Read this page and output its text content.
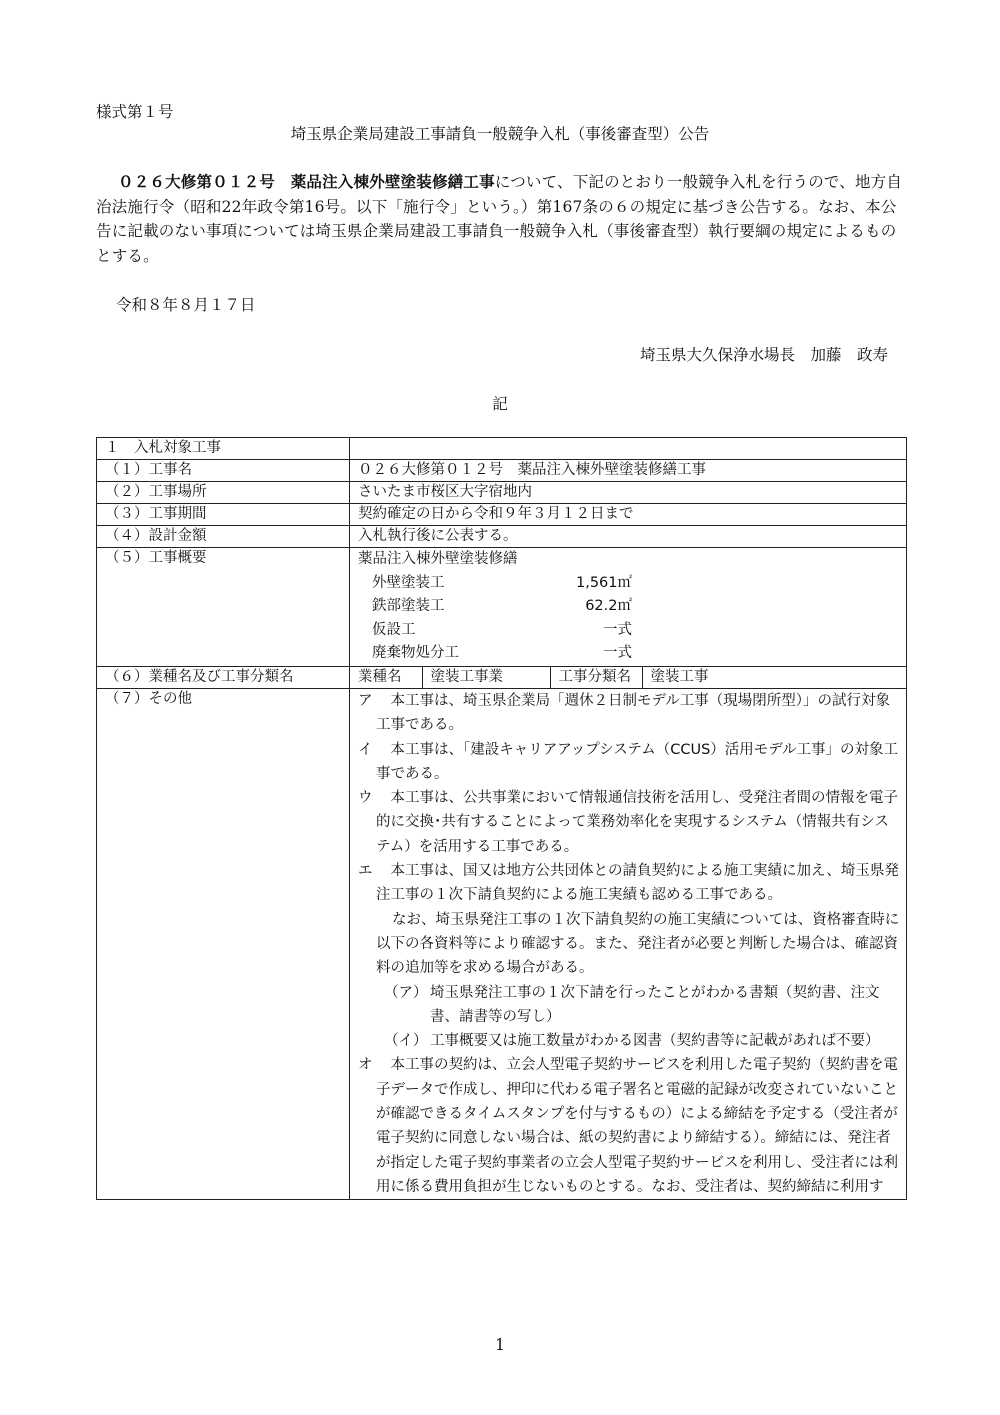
様式第１号
埼玉県企業局建設工事請負一般競争入札（事後審査型）公告
０２６大修第０１２号　薬品注入棟外壁塗装修繕工事について、下記のとおり一般競争入札を行うので、地方自治法施行令（昭和22年政令第16号。以下「施行令」という。）第167条の６の規定に基づき公告する。なお、本公告に記載のない事項については埼玉県企業局建設工事請負一般競争入札（事後審査型）執行要綱の規定によるものとする。
令和８年８月１７日
埼玉県大久保浄水場長　加藤　政寿
記
１　入札対象工事	
（１）工事名	０２６大修第０１２号　薬品注入棟外壁塗装修繕工事
（２）工事場所	さいたま市桜区大字宿地内
（３）工事期間	契約確定の日から令和９年３月１２日まで
（４）設計金額	入札執行後に公表する。
（５）工事概要	薬品注入棟外壁塗装修繕
外壁塗装工	1,561㎡
鉄部塗装工	62.2㎡
仮設工	一式
廃棄物処分工	一式

（６）業種名及び工事分類名		業種名	塗装工事業	工事分類名	塗装工事

（７）その他	ア　 本工事は、埼玉県企業局「週休２日制モデル工事（現場閉所型）」の試行対象工事である。
イ　 本工事は、「建設キャリアアップシステム（CCUS）活用モデル工事」の対象工事である。
ウ　 本工事は、公共事業において情報通信技術を活用し、受発注者間の情報を電子的に交換･共有することによって業務効率化を実現するシステム（情報共有システム）を活用する工事である。
エ　 本工事は、国又は地方公共団体との請負契約による施工実績に加え、埼玉県発注工事の１次下請負契約による施工実績も認める工事である。
なお、埼玉県発注工事の１次下請負契約の施工実績については、資格審査時に以下の各資料等により確認する。また、発注者が必要と判断した場合は、確認資料の追加等を求める場合がある。
（ア） 埼玉県発注工事の１次下請を行ったことがわかる書類（契約書、注文書、請書等の写し）
（イ） 工事概要又は施工数量がわかる図書（契約書等に記載があれば不要）
オ　 本工事の契約は、立会人型電子契約サービスを利用した電子契約（契約書を電子データで作成し、押印に代わる電子署名と電磁的記録が改変されていないことが確認できるタイムスタンプを付与するもの）による締結を予定する（受注者が電子契約に同意しない場合は、紙の契約書により締結する）。締結には、発注者が指定した電子契約事業者の立会人型電子契約サービスを利用し、受注者には利用に係る費用負担が生じないものとする。なお、受注者は、契約締結に利用す
1
